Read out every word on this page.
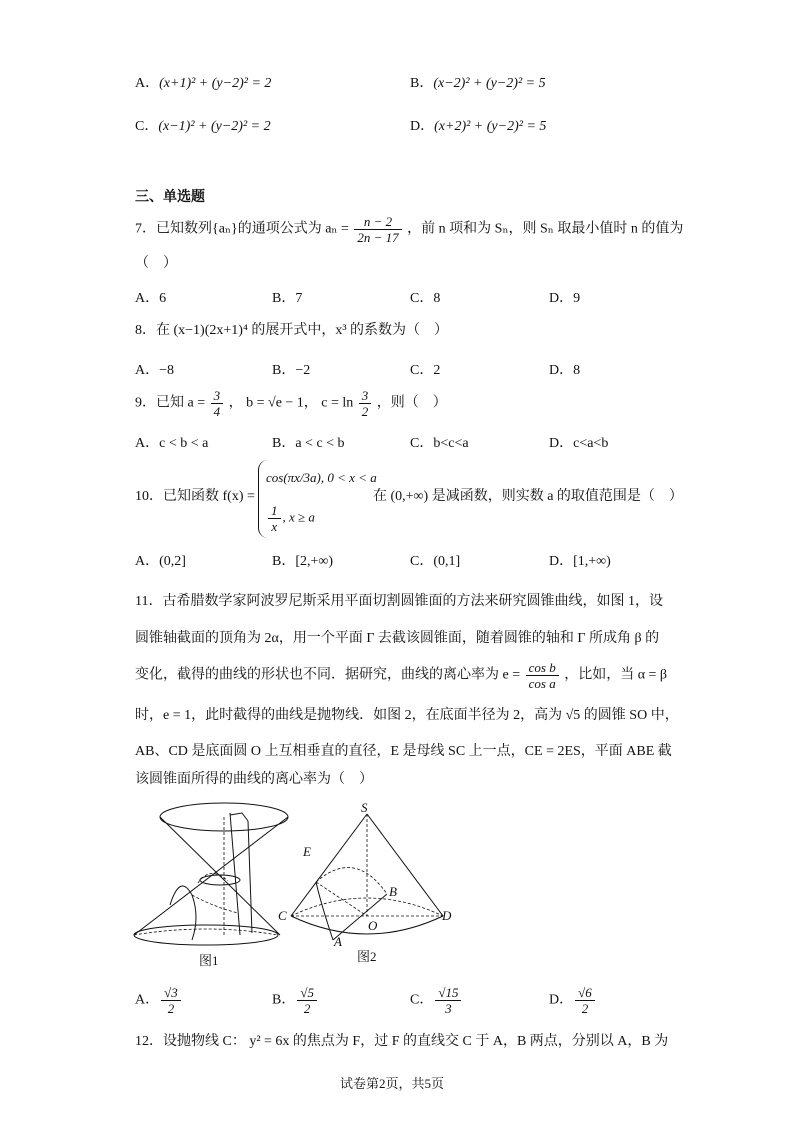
A．(x+1)² + (y−2)² = 2	B．(x−2)² + (y−2)² = 5
C．(x−1)² + (y−2)² = 2	D．(x+2)² + (y−2)² = 5
三、单选题
7．已知数列{aₙ}的通项公式为 $a_n = \frac{n - 2}{2n - 17}$ ，前 n 项和为 Sₙ，则 Sₙ 取最小值时 n 的值为
（　）
A．6	B．7	C．8	D．9
8．在 (x−1)(2x+1)⁴ 的展开式中，x³ 的系数为（　）
A．−8	B．−2	C．2	D．8
9．已知 $a = \frac{3}{4}$ ， b = √e − 1， $c = \ln \frac{3}{2}$ ，则（　）
A．c < b < a	B．a < c < b	C．b<c<a	D．c<a<b
10．已知函数 f(x) =
cos(πx/3a), 0 < x < a
$\frac{1}{x}$ , x ≥ a
在 (0,+∞) 是减函数，则实数 a 的取值范围是（　）
A．(0,2]	B．[2,+∞)	C．(0,1]	D．[1,+∞)
11．古希腊数学家阿波罗尼斯采用平面切割圆锥面的方法来研究圆锥曲线，如图 1，设
圆锥轴截面的顶角为 2α，用一个平面 Γ 去截该圆锥面，随着圆锥的轴和 Γ 所成角 β 的
变化，截得的曲线的形状也不同．据研究，曲线的离心率为 $e = \frac{\text{cos b}}{\text{cos a}}$ ，比如，当 α = β
时，e = 1，此时截得的曲线是抛物线．如图 2，在底面半径为 2，高为 √5 的圆锥 SO 中，
AB、CD 是底面圆 O 上互相垂直的直径，E 是母线 SC 上一点，CE = 2ES，平面 ABE 截
该圆锥面所得的曲线的离心率为（　）
图1
S
E
B
C
O
D
A
图2
A． $\frac{√3}{2}$	B． $\frac{√5}{2}$	C． $\frac{√15}{3}$	D． $\frac{√6}{2}$
12．设抛物线 C： y² = 6x 的焦点为 F，过 F 的直线交 C 于 A，B 两点，分别以 A，B 为
试卷第2页，共5页
